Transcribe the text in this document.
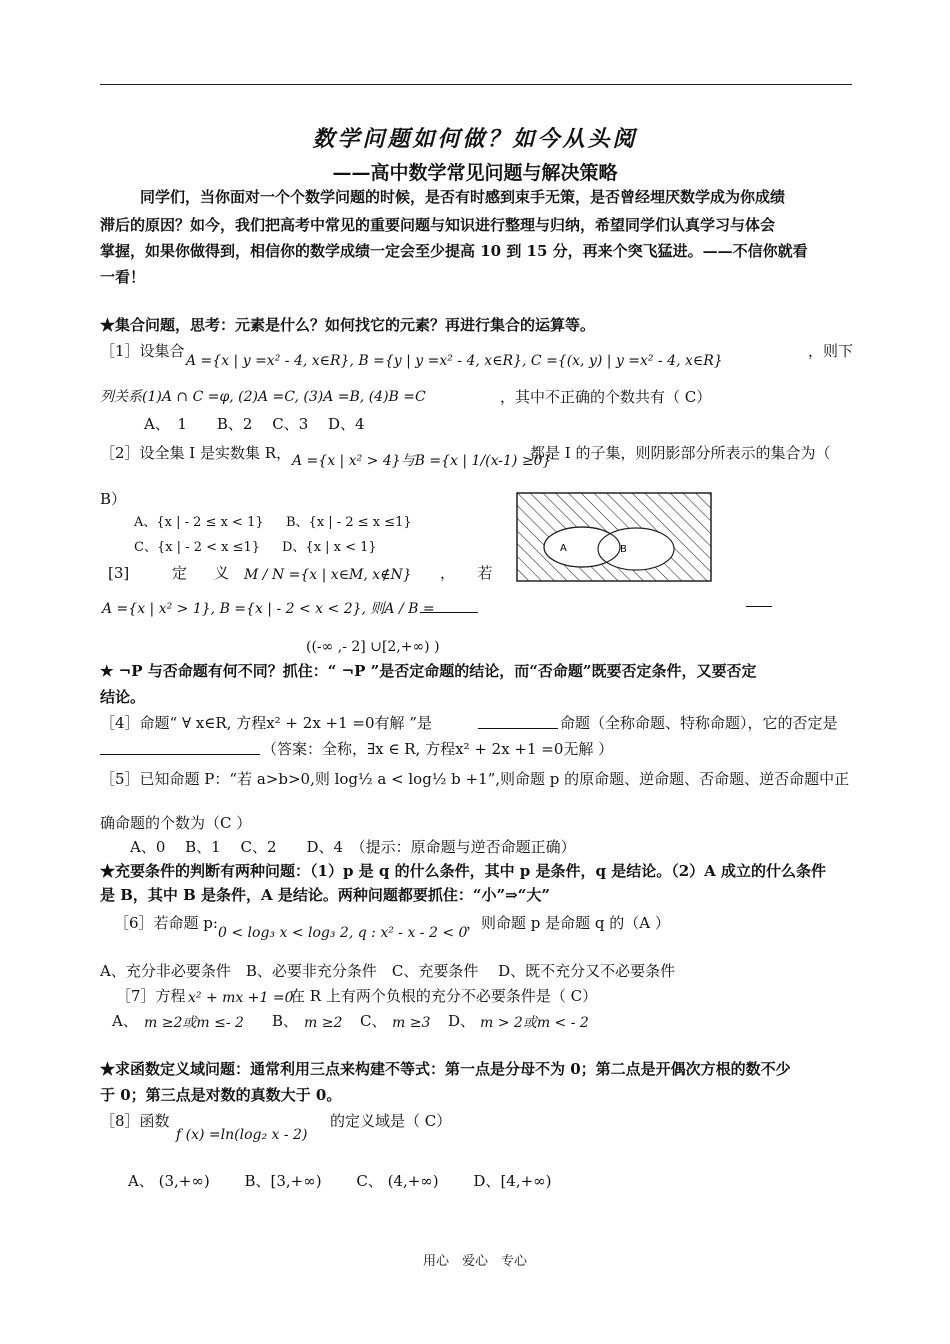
数学问题如何做？如今从头阅
——高中数学常见问题与解决策略
同学们，当你面对一个个数学问题的时候，是否有时感到束手无策，是否曾经埋厌数学成为你成绩
滞后的原因？如今，我们把高考中常见的重要问题与知识进行整理与归纳，希望同学们认真学习与体会
掌握，如果你做得到，相信你的数学成绩一定会至少提高 10 到 15 分，再来个突飞猛进。——不信你就看
一看！
★集合问题，思考：元素是什么？如何找它的元素？再进行集合的运算等。
［1］设集合
A ={x | y =x² - 4, x∈R}, B ={y | y =x² - 4, x∈R}, C ={(x, y) | y =x² - 4, x∈R}
，则下
列关系(1)A ∩ C =φ, (2)A =C, (3)A =B, (4)B =C	，其中不正确的个数共有（ C）
A、　1　　B、2　 C、3　 D、4
［2］设全集 I 是实数集 R， A ={x | x² > 4}与B ={x | 1/(x-1) ≥0}
都是 I 的子集，则阴影部分所表示的集合为（
B）
A、{x | - 2 ≤ x < 1} B、{x | - 2 ≤ x ≤1}
C、{x | - 2 < x ≤1} D、{x | x < 1}	A	B
[3]	定　义 M / N ={x | x∈M, x∉N} ，　　若
A ={x | x² > 1}, B ={x | - 2 < x < 2}, 则A / B =
((-∞ ,- 2] ∪[2,+∞) )
★ ¬P 与否命题有何不同？抓住：“ ¬P ”是否定命题的结论，而“否命题”既要否定条件，又要否定
结论。
［4］命题“ ∀ x∈R, 方程x² + 2x +1 =0有解 ”是	命题（全称命题、特称命题），它的否定是
（答案：全称，∃x ∈ R, 方程x² + 2x +1 =0无解 ）
［5］已知命题 P：“若 a>b>0,则 log½ a < log½ b +1”,则命题 p 的原命题、逆命题、否命题、逆否命题中正
确命题的个数为（C ）
A、0　 B、1　 C、2　　D、4　（提示：原命题与逆否命题正确）
★充要条件的判断有两种问题：（1）p 是 q 的什么条件，其中 p 是条件，q 是结论。（2）A 成立的什么条件
是 B，其中 B 是条件，A 是结论。两种问题都要抓住：“小”⇒“大”
［6］若命题 p:
0 < log₃ x < log₃ 2, q : x² - x - 2 < 0
，则命题 p 是命题 q 的（A ）
A、充分非必要条件　B、必要非充分条件　C、充要条件　 D、既不充分又不必要条件
［7］方程 x² + mx +1 =0
在 R 上有两个负根的充分不必要条件是（ C）
A、 m ≥2或m ≤- 2 B、 m ≥2 C、 m ≥3 D、 m > 2或m < - 2
★求函数定义域问题：通常利用三点来构建不等式：第一点是分母不为 0；第二点是开偶次方根的数不少
于 0；第三点是对数的真数大于 0。
［8］函数
f (x) =ln(log₂ x - 2)
的定义域是（ C）
A、 (3,+∞)　　 B、[3,+∞)　　 C、 (4,+∞)　　 D、[4,+∞)
用心　爱心　专心
